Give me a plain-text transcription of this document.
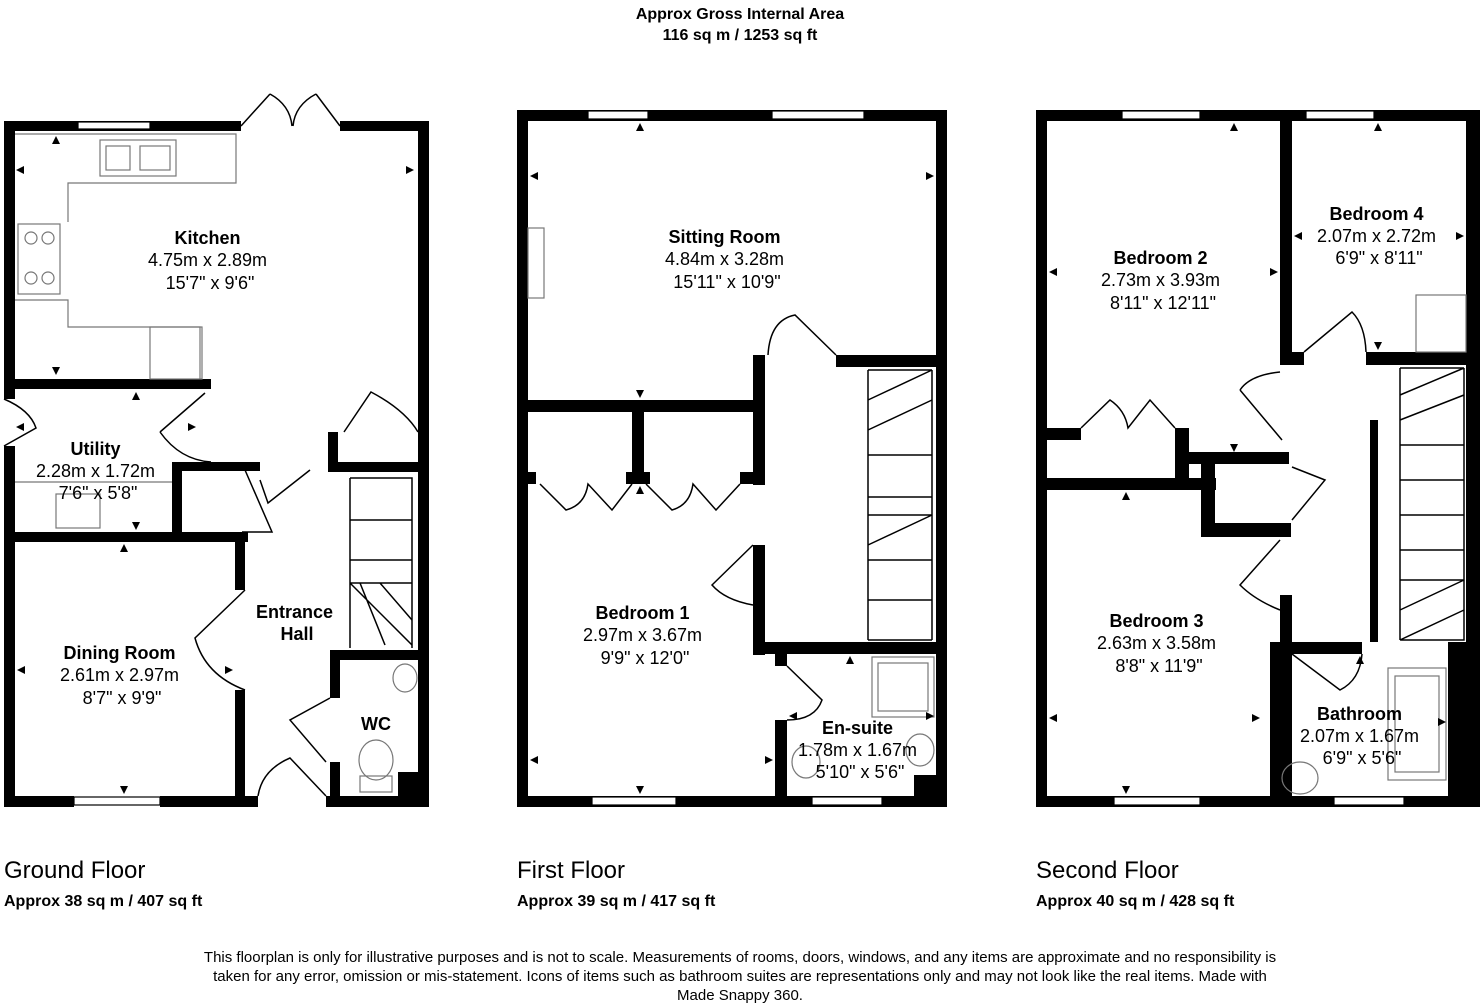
Approx Gross Internal Area
116 sq m / 1253 sq ft
Kitchen 4.75m x 2.89m 15'7" x 9'6"
Utility 2.28m x 1.72m 7'6" x 5'8"
Dining Room 2.61m x 2.97m 8'7" x 9'9"
Entrance Hall
WC
Sitting Room 4.84m x 3.28m 15'11" x 10'9"
Bedroom 1 2.97m x 3.67m 9'9" x 12'0"
En-suite 1.78m x 1.67m 5'10" x 5'6"
Bedroom 2 2.73m x 3.93m 8'11" x 12'11"
Bedroom 4 2.07m x 2.72m 6'9" x 8'11"
Bedroom 3 2.63m x 3.58m 8'8" x 11'9"
Bathroom 2.07m x 1.67m 6'9" x 5'6"
Ground Floor
Approx 38 sq m / 407 sq ft
First Floor
Approx 39 sq m / 417 sq ft
Second Floor
Approx 40 sq m / 428 sq ft
This floorplan is only for illustrative purposes and is not to scale. Measurements of rooms, doors, windows, and any items are approximate and no responsibility is taken for any error, omission or mis-statement. Icons of items such as bathroom suites are representations only and may not look like the real items. Made with Made Snappy 360.
